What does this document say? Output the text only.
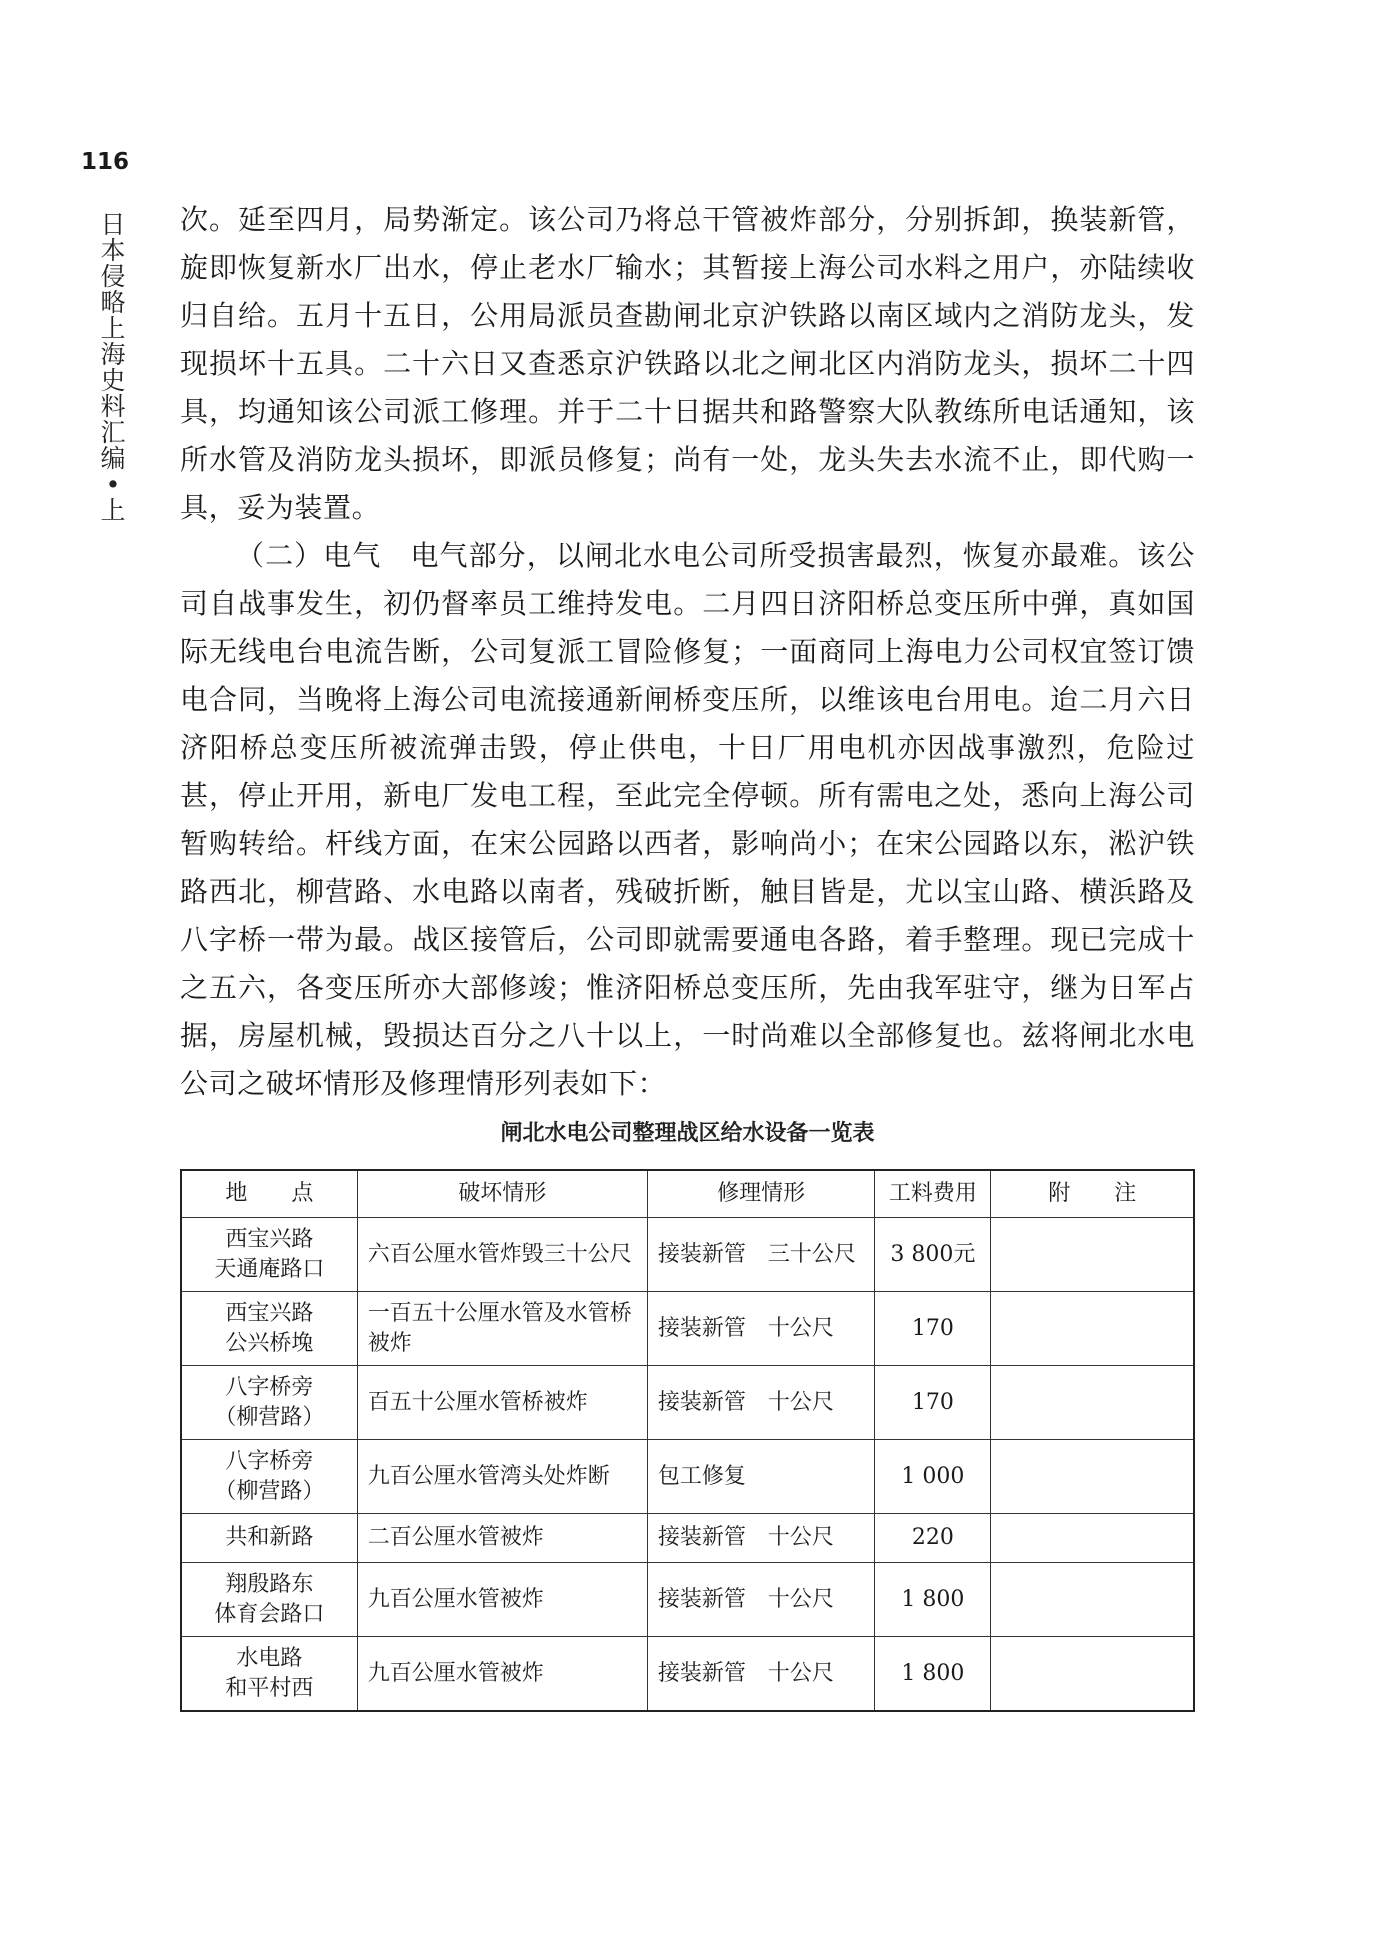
116
日本侵略上海史料汇编•上

次。延至四月，局势渐定。该公司乃将总干管被炸部分，分别拆卸，换装新管，旋即恢复新水厂出水，停止老水厂输水；其暂接上海公司水料之用户，亦陆续收归自给。五月十五日，公用局派员查勘闸北京沪铁路以南区域内之消防龙头，发现损坏十五具。二十六日又查悉京沪铁路以北之闸北区内消防龙头，损坏二十四具，均通知该公司派工修理。并于二十日据共和路警察大队教练所电话通知，该所水管及消防龙头损坏，即派员修复；尚有一处，龙头失去水流不止，即代购一具，妥为装置。

（二）电气　电气部分，以闸北水电公司所受损害最烈，恢复亦最难。该公司自战事发生，初仍督率员工维持发电。二月四日济阳桥总变压所中弹，真如国际无线电台电流告断，公司复派工冒险修复；一面商同上海电力公司权宜签订馈电合同，当晚将上海公司电流接通新闸桥变压所，以维该电台用电。迨二月六日济阳桥总变压所被流弹击毁，停止供电，十日厂用电机亦因战事激烈，危险过甚，停止开用，新电厂发电工程，至此完全停顿。所有需电之处，悉向上海公司暂购转给。杆线方面，在宋公园路以西者，影响尚小；在宋公园路以东，淞沪铁路西北，柳营路、水电路以南者，残破折断，触目皆是，尤以宝山路、横浜路及八字桥一带为最。战区接管后，公司即就需要通电各路，着手整理。现已完成十之五六，各变压所亦大部修竣；惟济阳桥总变压所，先由我军驻守，继为日军占据，房屋机械，毁损达百分之八十以上，一时尚难以全部修复也。兹将闸北水电公司之破坏情形及修理情形列表如下：

闸北水电公司整理战区给水设备一览表
地　　点	破坏情形	修理情形	工料费用	附　　注

西宝兴路
天通庵路口	六百公厘水管炸毁三十公尺	接装新管　三十公尺	3 800元	

西宝兴路
公兴桥堍	一百五十公厘水管及水管桥被炸	接装新管　十公尺	170	

八字桥旁
（柳营路）	百五十公厘水管桥被炸	接装新管　十公尺	170	

八字桥旁
（柳营路）	九百公厘水管湾头处炸断	包工修复	1 000	

共和新路	二百公厘水管被炸	接装新管　十公尺	220	

翔殷路东
体育会路口	九百公厘水管被炸	接装新管　十公尺	1 800	

水电路
和平村西	九百公厘水管被炸	接装新管　十公尺	1 800	
